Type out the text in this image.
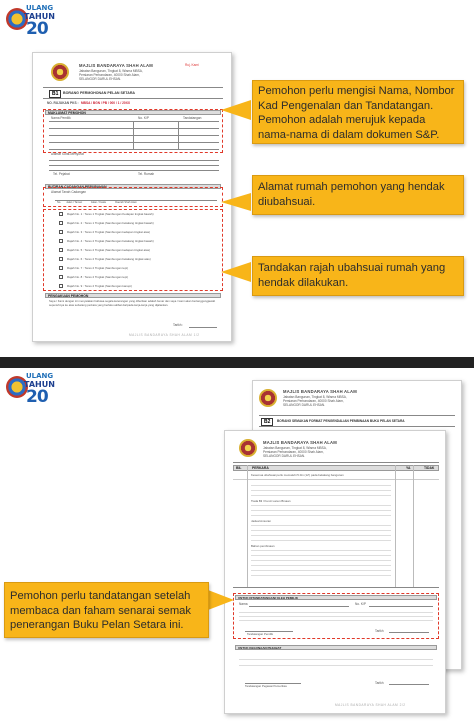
ULANG
TAHUN
20
MAJLIS BANDARAYA SHAH ALAM
Jabatan Bangunan, Tingkat 8, Wisma MBSA,
Persiaran Perbandaran, 40000 Shah Alam,
SELANGOR DARUL EHSAN.
Ruj. Kami
B1	BORANG PERMOHONAN PELAN SETARA
NO. RUJUKAN PKS : MBSA / BGN / PB / 000 / 1 / 20XX
MAKLUMAT PEMOHON
Nama Pemilik	No. K/P	Tandatangan
Alamat Surat-Menyurat
Tel. Pejabat	Tel. Rumah
BUTIRAN CADANGAN PERUBAHAN
Alamat Tanah Cadangan
No.       Jalan / Taman            Jalan / Kuala             Daerah Shah Alam
Rajah No. 1 : Teres 1 Tingkat (Sambungan Kedapan tingkat bawah)
Rajah No. 2 : Teres 1 Tingkat (Sambungan belakang tingkat bawah)
Rajah No. 3 : Teres 2 Tingkat (Sambungan kedapan tingkat atas)
Rajah No. 4 : Teres 2 Tingkat (Sambungan belakang tingkat bawah)
Rajah No. 5 : Teres 2 Tingkat (Sambungan kedapan tingkat atas)
Rajah No. 6 : Teres 2 Tingkat (Sambungan belakang tingkat atas)
Rajah No. 7 : Teres 2 Tingkat (Sambungan tepi)
Rajah No. 8 : Teres 2 Tingkat (Sambungan tepi)
Rajah No. 9 : Teres 2 Tingkat (Sambungan kanopi)
PENGAKUAN PEMOHON
Saya / Kami dengan ini menyatakan bahawa segala keterangan yang diberikan adalah benar dan saya / kami akan bertanggungjawab sepenuhnya ke atas sebarang perkara yang berlaku akibat daripada kerja-kerja yang dijalankan.
Tarikh :
MAJLIS BANDARAYA SHAH ALAM 1/2
Pemohon perlu mengisi Nama, Nombor Kad Pengenalan dan Tandatangan. Pemohon adalah merujuk kepada nama-nama di dalam dokumen S&P.
Alamat rumah pemohon yang hendak diubahsuai.
Tandakan rajah ubahsuai rumah yang hendak dilakukan.
ULANG
TAHUN
20	MAJLIS BANDARAYA SHAH ALAM
Jabatan Bangunan, Tingkat 8, Wisma MBSA,
Persiaran Perbandaran, 40000 Shah Alam,
SELANGOR DARUL EHSAN.
B2	BORANG SEMAKAN FORMAT PENGENDALIAN PEMBINAAN BUKU PELAN SETARA
MAJLIS BANDARAYA SHAH ALAM
Jabatan Bangunan, Tingkat 8, Wisma MBSA,
Persiaran Perbandaran, 40000 Shah Alam,
SELANGOR DARUL EHSAN.
BIL	PERKARA	YA	TIDAK
Kesemua ubahsuai perlu mematuhi 5.0m (12') pada belakang bangunan
Tiada Bil / Kunci Lanun Binaan
Jadual Ansuran
Bahan pembinaan
UNTUK DITANDATANGANI OLEH PEMILIK
Nama	No. K/P
Tandatangan Pemilik
Tarikh
UNTUK KEGUNAAN PEJABAT
Tandatangan Pegawai Pemeriksa
Tarikh
MAJLIS BANDARAYA SHAH ALAM 2/2
Pemohon perlu tandatangan setelah membaca dan faham senarai semak penerangan Buku Pelan Setara ini.
